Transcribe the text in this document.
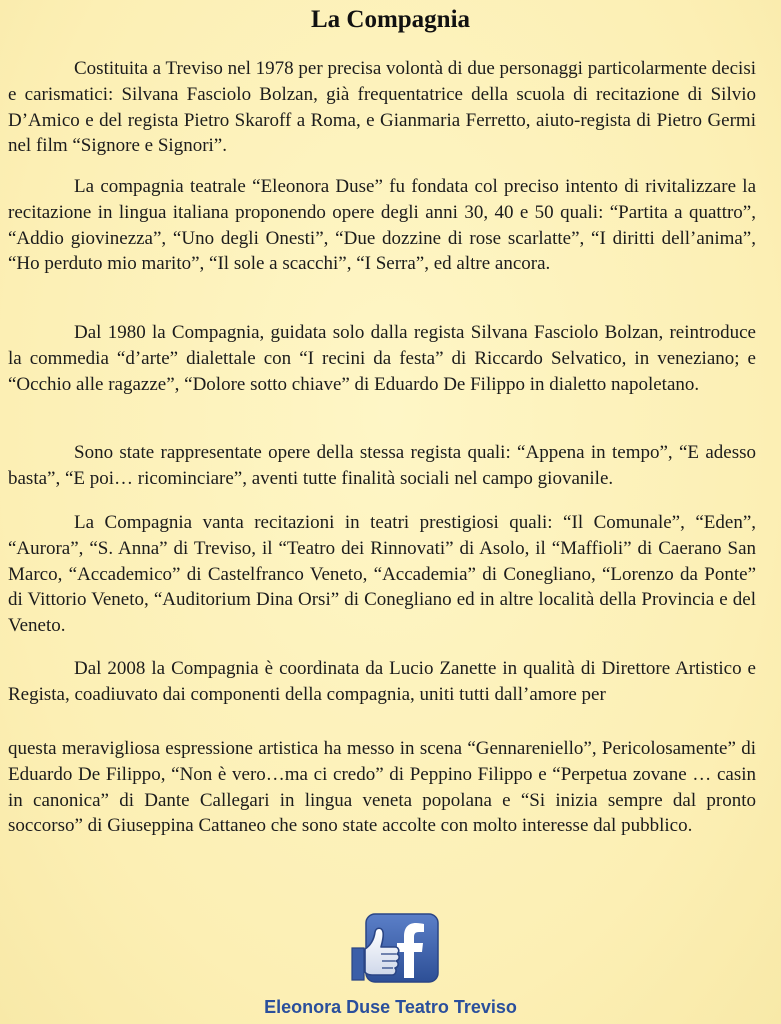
La Compagnia

Costituita a Treviso nel 1978 per precisa volontà di due personaggi particolarmente decisi e carismatici: Silvana Fasciolo Bolzan, già frequentatrice della scuola di recitazione di Silvio D’Amico e del regista Pietro Skaroff a Roma, e Gianmaria Ferretto, aiuto-regista di Pietro Germi nel film “Signore e Signori”.

La compagnia teatrale “Eleonora Duse” fu fondata col preciso intento di rivitalizzare la recitazione in lingua italiana proponendo opere degli anni 30, 40 e 50 quali: “Partita a quattro”, “Addio giovinezza”, “Uno degli Onesti”, “Due dozzine di rose scarlatte”, “I diritti dell’anima”, “Ho perduto mio marito”, “Il sole a scacchi”, “I Serra”, ed altre ancora.

Dal 1980 la Compagnia, guidata solo dalla regista Silvana Fasciolo Bolzan, reintroduce la commedia “d’arte” dialettale con “I recini da festa” di Riccardo Selvatico, in veneziano; e “Occhio alle ragazze”, “Dolore sotto chiave” di Eduardo De Filippo in dialetto napoletano.

Sono state rappresentate opere della stessa regista quali: “Appena in tempo”, “E adesso basta”, “E poi… ricominciare”, aventi tutte finalità sociali nel campo giovanile.

La Compagnia vanta recitazioni in teatri prestigiosi quali: “Il Comunale”, “Eden”, “Aurora”, “S. Anna” di Treviso, il “Teatro dei Rinnovati” di Asolo, il “Maffioli” di Caerano San Marco, “Accademico” di Castelfranco Veneto, “Accademia” di Conegliano, “Lorenzo da Ponte” di Vittorio Veneto, “Auditorium Dina Orsi” di Conegliano ed in altre località della Provincia e del Veneto.

Dal 2008 la Compagnia è coordinata da Lucio Zanette in qualità di Direttore Artistico e Regista, coadiuvato dai componenti della compagnia, uniti tutti dall’amore per

questa meravigliosa espressione artistica ha messo in scena “Gennareniello”, Pericolosamente” di Eduardo De Filippo, “Non è vero…ma ci credo” di Peppino Filippo e “Perpetua zovane … casin in canonica” di Dante Callegari in lingua veneta popolana e “Si inizia sempre dal pronto soccorso” di Giuseppina Cattaneo che sono state accolte con molto interesse dal pubblico.

Eleonora Duse Teatro Treviso
